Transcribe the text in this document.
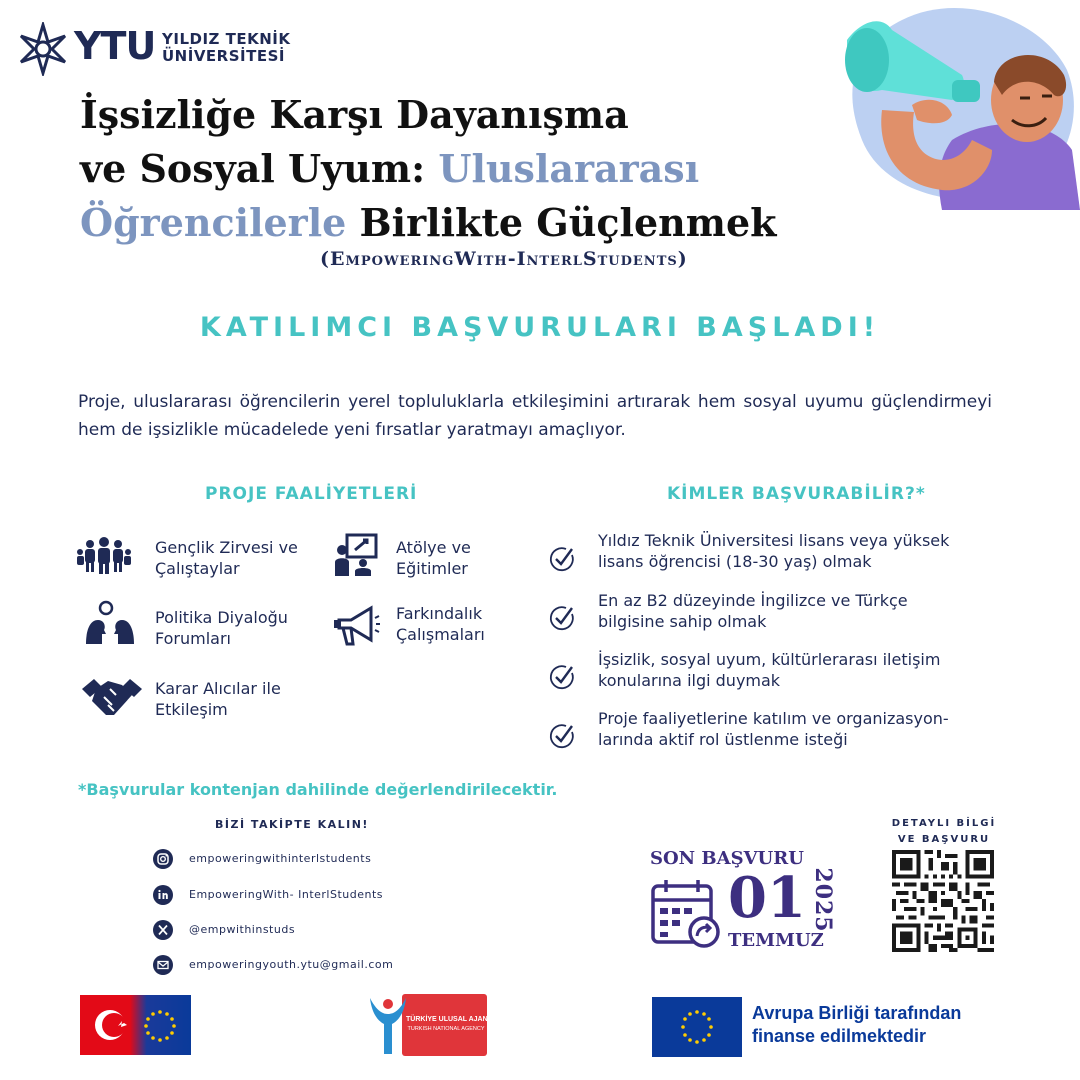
YTU YILDIZ TEKNİK
ÜNİVERSİTESİ
İşsizliğe Karşı Dayanışma
ve Sosyal Uyum: Uluslararası
Öğrencilerle Birlikte Güçlenmek
(EmpoweringWith-InterlStudents)
KATILIMCI BAŞVURULARI BAŞLADI!
Proje, uluslararası öğrencilerin yerel topluluklarla etkileşimini artırarak hem sosyal uyumu güçlendirmeyi hem de işsizlikle mücadelede yeni fırsatlar yaratmayı amaçlıyor.
PROJE FAALİYETLERİ
Gençlik Zirvesi ve
Çalıştaylar
Atölye ve
Eğitimler
Politika Diyaloğu
Forumları
Farkındalık
Çalışmaları
Karar Alıcılar ile
Etkileşim
KİMLER BAŞVURABİLİR?*
Yıldız Teknik Üniversitesi lisans veya yüksek
lisans öğrencisi (18-30 yaş) olmak
En az B2 düzeyinde İngilizce ve Türkçe
bilgisine sahip olmak
İşsizlik, sosyal uyum, kültürlerarası iletişim
konularına ilgi duymak
Proje faaliyetlerine katılım ve organizasyon-
larında aktif rol üstlenme isteği
*Başvurular kontenjan dahilinde değerlendirilecektir.
BİZİ TAKİPTE KALIN!
empoweringwithinterlstudents
EmpoweringWith- InterlStudents
@empwithinstuds
empoweringyouth.ytu@gmail.com
SON BAŞVURU
01
TEMMUZ
2025
DETAYLI BİLGİ
VE BAŞVURU
TÜRKİYE ULUSAL AJANSI
TURKISH NATIONAL AGENCY
Avrupa Birliği tarafından
finanse edilmektedir
